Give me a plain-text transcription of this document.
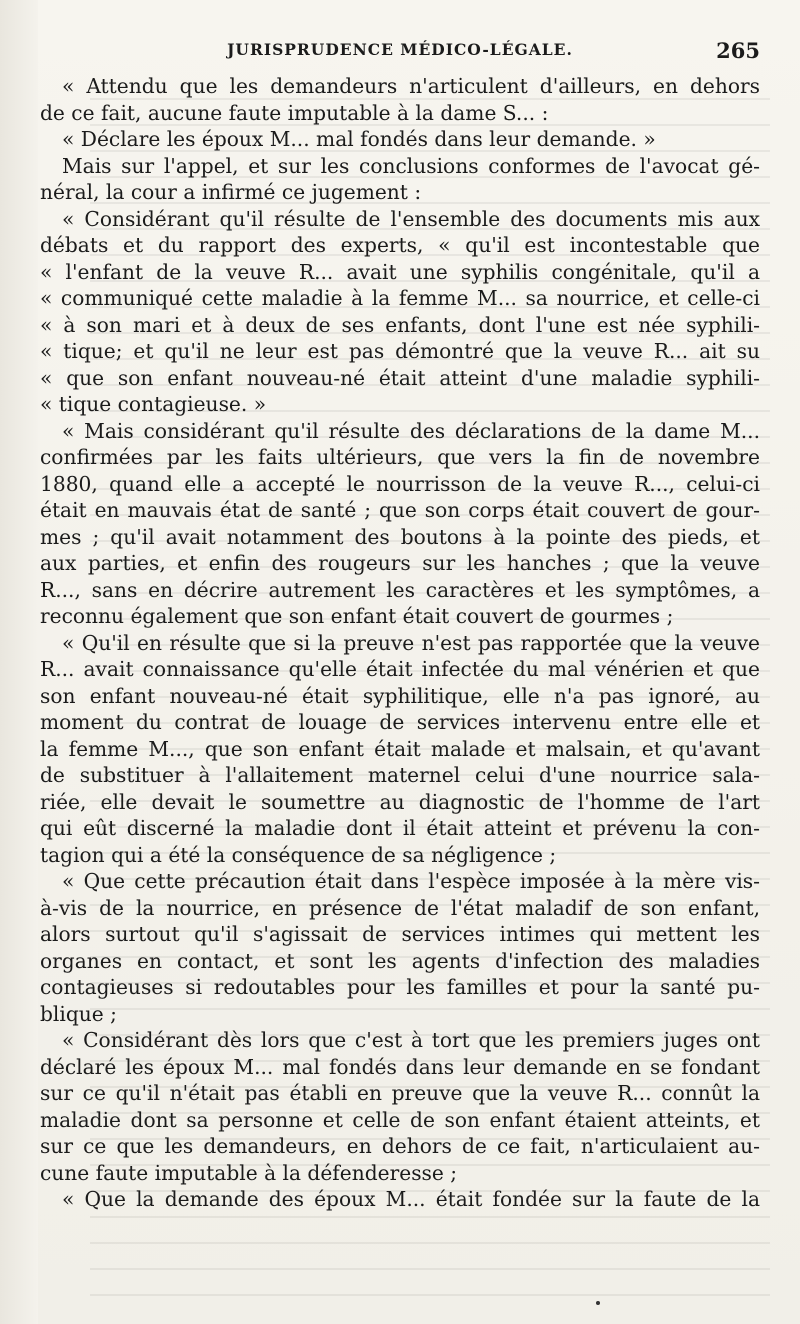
JURISPRUDENCE MÉDICO-LÉGALE.	265
« Attendu que les demandeurs n'articulent d'ailleurs, en dehors
de ce fait, aucune faute imputable à la dame S... :
« Déclare les époux M... mal fondés dans leur demande. »
Mais sur l'appel, et sur les conclusions conformes de l'avocat gé-
néral, la cour a infirmé ce jugement :
« Considérant qu'il résulte de l'ensemble des documents mis aux
débats et du rapport des experts, « qu'il est incontestable que
« l'enfant de la veuve R... avait une syphilis congénitale, qu'il a
« communiqué cette maladie à la femme M... sa nourrice, et celle-ci
« à son mari et à deux de ses enfants, dont l'une est née syphili-
« tique; et qu'il ne leur est pas démontré que la veuve R... ait su
« que son enfant nouveau-né était atteint d'une maladie syphili-
« tique contagieuse. »
« Mais considérant qu'il résulte des déclarations de la dame M...
confirmées par les faits ultérieurs, que vers la fin de novembre
1880, quand elle a accepté le nourrisson de la veuve R..., celui-ci
était en mauvais état de santé ; que son corps était couvert de gour-
mes ; qu'il avait notamment des boutons à la pointe des pieds, et
aux parties, et enfin des rougeurs sur les hanches ; que la veuve
R..., sans en décrire autrement les caractères et les symptômes, a
reconnu également que son enfant était couvert de gourmes ;
« Qu'il en résulte que si la preuve n'est pas rapportée que la veuve
R... avait connaissance qu'elle était infectée du mal vénérien et que
son enfant nouveau-né était syphilitique, elle n'a pas ignoré, au
moment du contrat de louage de services intervenu entre elle et
la femme M..., que son enfant était malade et malsain, et qu'avant
de substituer à l'allaitement maternel celui d'une nourrice sala-
riée, elle devait le soumettre au diagnostic de l'homme de l'art
qui eût discerné la maladie dont il était atteint et prévenu la con-
tagion qui a été la conséquence de sa négligence ;
« Que cette précaution était dans l'espèce imposée à la mère vis-
à-vis de la nourrice, en présence de l'état maladif de son enfant,
alors surtout qu'il s'agissait de services intimes qui mettent les
organes en contact, et sont les agents d'infection des maladies
contagieuses si redoutables pour les familles et pour la santé pu-
blique ;
« Considérant dès lors que c'est à tort que les premiers juges ont
déclaré les époux M... mal fondés dans leur demande en se fondant
sur ce qu'il n'était pas établi en preuve que la veuve R... connût la
maladie dont sa personne et celle de son enfant étaient atteints, et
sur ce que les demandeurs, en dehors de ce fait, n'articulaient au-
cune faute imputable à la défenderesse ;
« Que la demande des époux M... était fondée sur la faute de la
